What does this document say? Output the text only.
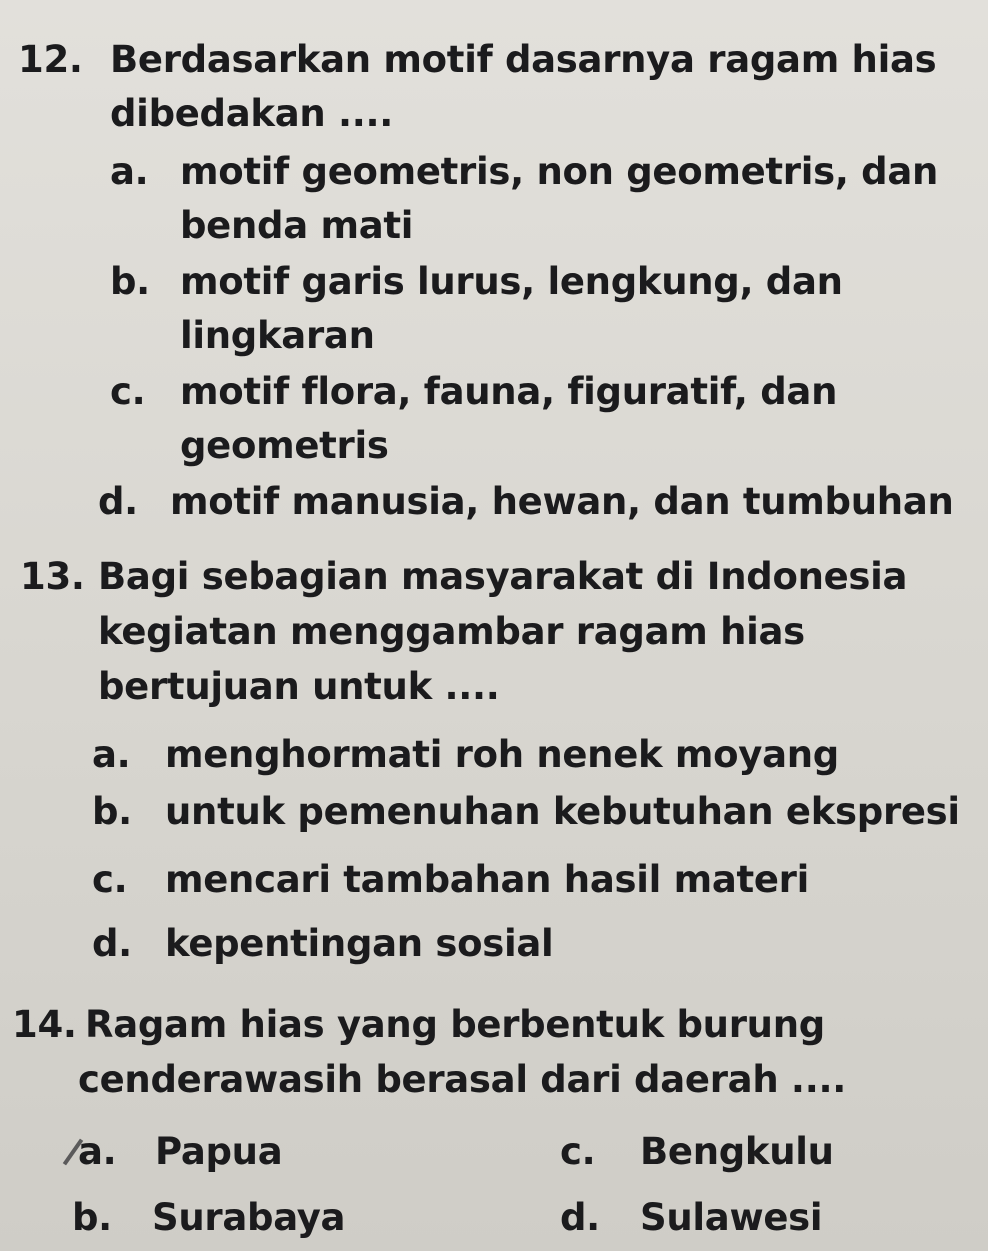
12. Berdasarkan motif dasarnya ragam hias
dibedakan ....
a. motif geometris, non geometris, dan
benda mati
b. motif garis lurus, lengkung, dan
lingkaran
c. motif flora, fauna, figuratif, dan
geometris
d. motif manusia, hewan, dan tumbuhan
13. Bagi sebagian masyarakat di Indonesia
kegiatan menggambar ragam hias
bertujuan untuk ....
a. menghormati roh nenek moyang
b. untuk pemenuhan kebutuhan ekspresi
c. mencari tambahan hasil materi
d. kepentingan sosial
14. Ragam hias yang berbentuk burung
cenderawasih berasal dari daerah ....
a. Papua	c. Bengkulu
b. Surabaya	d. Sulawesi
